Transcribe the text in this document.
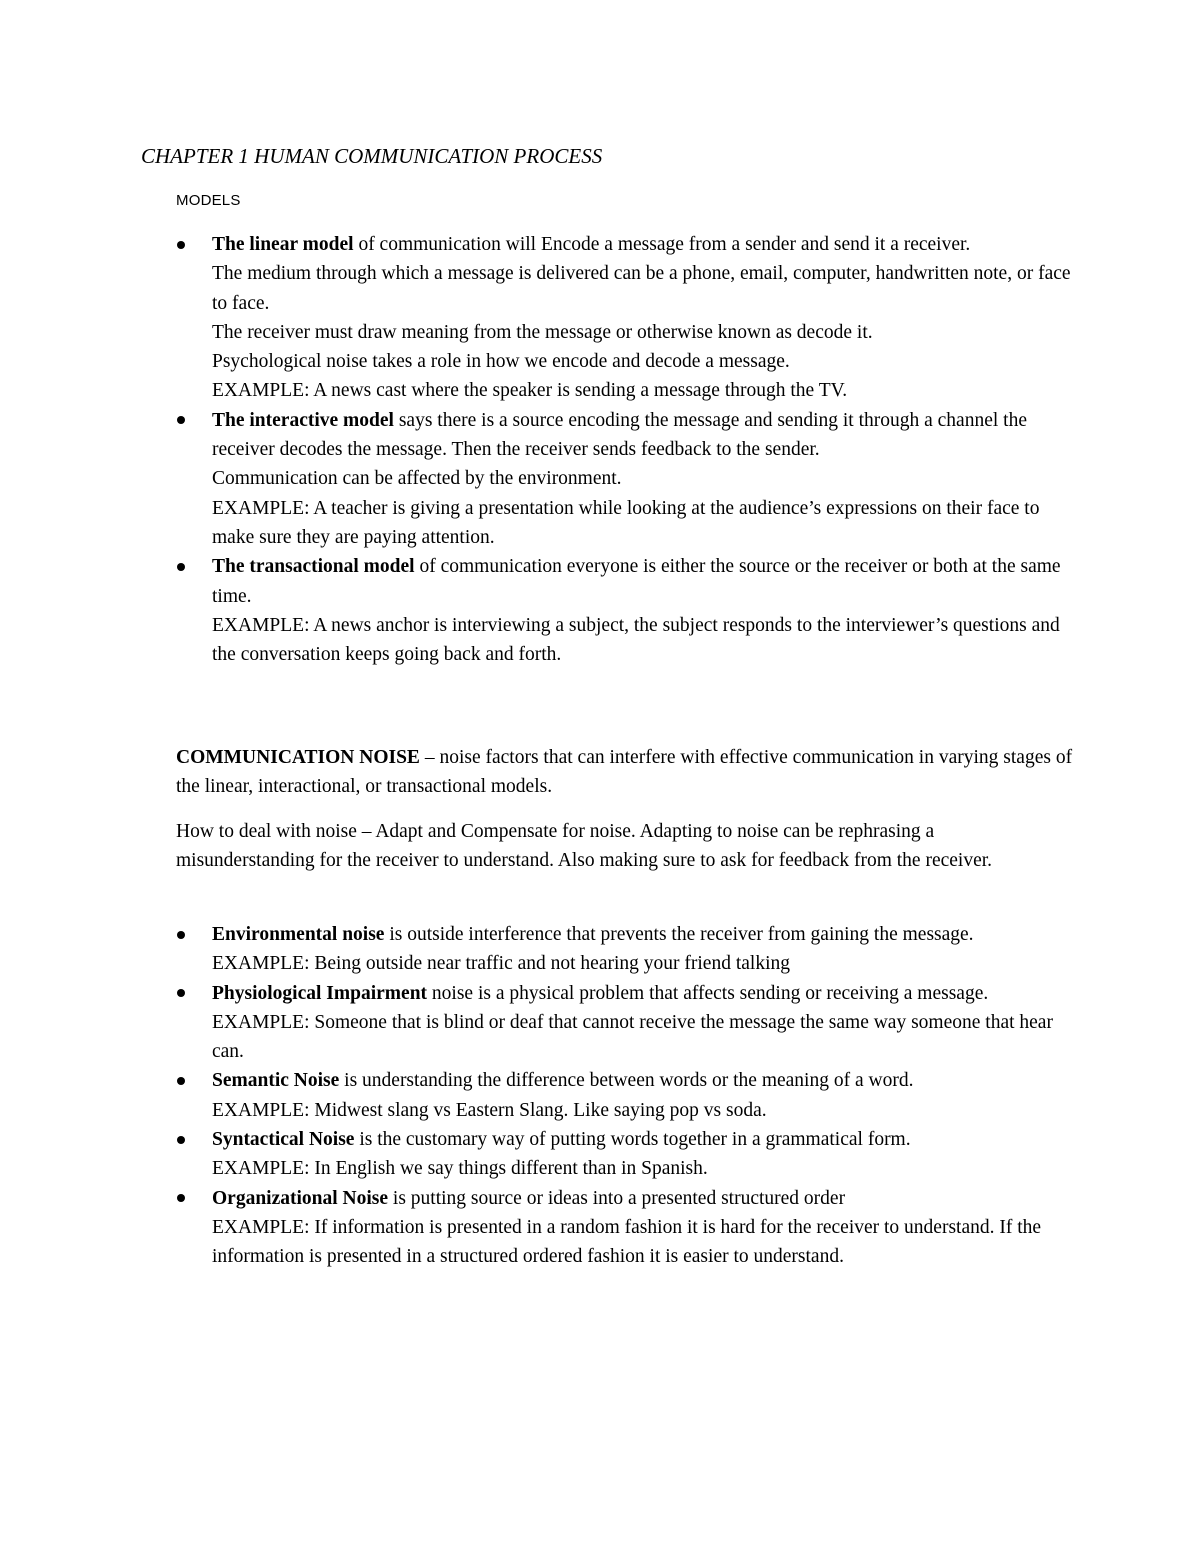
CHAPTER 1 HUMAN COMMUNICATION PROCESS
MODELS
The linear model of communication will Encode a message from a sender and send it a receiver.
The medium through which a message is delivered can be a phone, email, computer, handwritten note, or face to face.
The receiver must draw meaning from the message or otherwise known as decode it.
Psychological noise takes a role in how we encode and decode a message.
EXAMPLE: A news cast where the speaker is sending a message through the TV.
The interactive model says there is a source encoding the message and sending it through a channel the receiver decodes the message. Then the receiver sends feedback to the sender.
Communication can be affected by the environment.
EXAMPLE: A teacher is giving a presentation while looking at the audience’s expressions on their face to make sure they are paying attention.
The transactional model of communication everyone is either the source or the receiver or both at the same time.
EXAMPLE: A news anchor is interviewing a subject, the subject responds to the interviewer’s questions and the conversation keeps going back and forth.

COMMUNICATION NOISE – noise factors that can interfere with effective communication in varying stages of the linear, interactional, or transactional models.

How to deal with noise – Adapt and Compensate for noise. Adapting to noise can be rephrasing a misunderstanding for the receiver to understand. Also making sure to ask for feedback from the receiver.

Environmental noise is outside interference that prevents the receiver from gaining the message.
EXAMPLE: Being outside near traffic and not hearing your friend talking
Physiological Impairment noise is a physical problem that affects sending or receiving a message.
EXAMPLE: Someone that is blind or deaf that cannot receive the message the same way someone that hear can.
Semantic Noise is understanding the difference between words or the meaning of a word.
EXAMPLE: Midwest slang vs Eastern Slang. Like saying pop vs soda.
Syntactical Noise is the customary way of putting words together in a grammatical form.
EXAMPLE: In English we say things different than in Spanish.
Organizational Noise is putting source or ideas into a presented structured order
EXAMPLE: If information is presented in a random fashion it is hard for the receiver to understand. If the information is presented in a structured ordered fashion it is easier to understand.
